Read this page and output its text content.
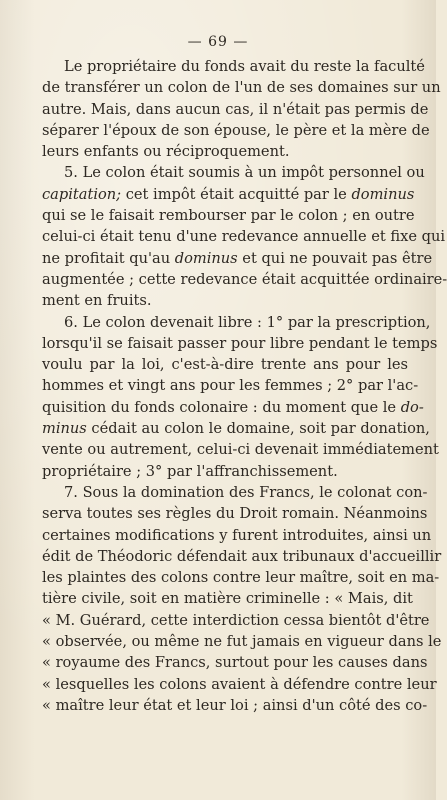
— 69 —
Le propriétaire du fonds avait du reste la faculté
de transférer un colon de l'un de ses domaines sur un
autre. Mais, dans aucun cas, il n'était pas permis de
séparer l'époux de son épouse, le père et la mère de
leurs enfants ou réciproquement.
5. Le colon était soumis à un impôt personnel ou
capitation; cet impôt était acquitté par le dominus
qui se le faisait rembourser par le colon ; en outre
celui-ci était tenu d'une redevance annuelle et fixe qui
ne profitait qu'au dominus et qui ne pouvait pas être
augmentée ; cette redevance était acquittée ordinaire-
ment en fruits.
6. Le colon devenait libre : 1° par la prescription,
lorsqu'il se faisait passer pour libre pendant le temps
voulu par la loi, c'est-à-dire trente ans pour les
hommes et vingt ans pour les femmes ; 2° par l'ac-
quisition du fonds colonaire : du moment que le do-
minus cédait au colon le domaine, soit par donation,
vente ou autrement, celui-ci devenait immédiatement
propriétaire ; 3° par l'affranchissement.
7. Sous la domination des Francs, le colonat con-
serva toutes ses règles du Droit romain. Néanmoins
certaines modifications y furent introduites, ainsi un
édit de Théodoric défendait aux tribunaux d'accueillir
les plaintes des colons contre leur maître, soit en ma-
tière civile, soit en matière criminelle : « Mais, dit
« M. Guérard, cette interdiction cessa bientôt d'être
« observée, ou même ne fut jamais en vigueur dans le
« royaume des Francs, surtout pour les causes dans
« lesquelles les colons avaient à défendre contre leur
« maître leur état et leur loi ; ainsi d'un côté des co-
